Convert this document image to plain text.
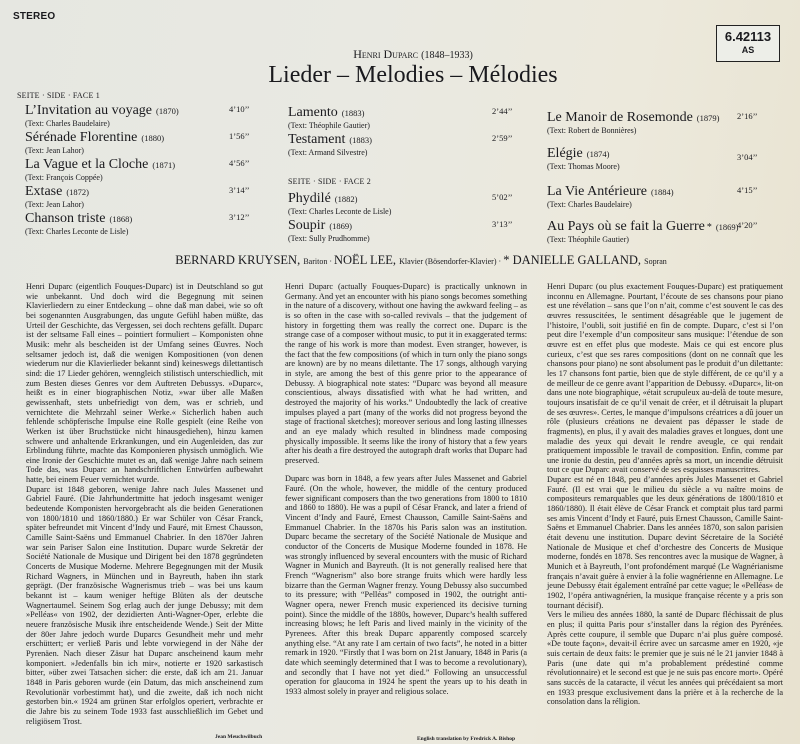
STEREO
6.42113
AS
Henri Duparc (1848–1933)
Lieder – Melodies – Mélodies
SEITE · SIDE · FACE 1
L’Invitation au voyage (1870)
(Text: Charles Baudelaire)
4’10’’
Sérénade Florentine (1880)
(Text: Jean Lahor)
1’56’’
La Vague et la Cloche (1871)
(Text: François Coppée)
4’56’’
Extase (1872)
(Text: Jean Lahor)
3’14’’
Chanson triste (1868)
(Text: Charles Leconte de Lisle)
3’12’’
Lamento (1883)
(Text: Théophile Gautier)
2’44’’
Testament (1883)
(Text: Armand Silvestre)
2’59’’
SEITE · SIDE · FACE 2
Phydilé (1882)
(Text: Charles Leconte de Lisle)
5’02’’
Soupir (1869)
(Text: Sully Prudhomme)
3’13’’
Le Manoir de Rosemonde (1879)
(Text: Robert de Bonnières)
2’16’’
Elégie (1874)
(Text: Thomas Moore)
3’04’’
La Vie Antérieure (1884)
(Text: Charles Baudelaire)
4’15’’
Au Pays où se fait la Guerre * (1869)
(Text: Théophile Gautier)
4’20’’
BERNARD KRUYSEN, Bariton · NOËL LEE, Klavier (Bösendorfer-Klavier) · * DANIELLE GALLAND, Sopran

Henri Duparc (eigentlich Fouques-Duparc) ist in Deutschland so gut wie unbekannt. Und doch wird die Begegnung mit seinen Klavierliedern zu einer Entdeckung – ohne daß man dabei, wie so oft bei sogenannten Ausgrabungen, das ungute Gefühl haben müßte, das Urteil der Geschichte, das Vergessen, sei doch rechtens gefällt. Duparc ist der seltsame Fall eines – pointiert formuliert – Komponisten ohne Musik: mehr als bescheiden ist der Umfang seines Œuvres. Noch seltsamer jedoch ist, daß die wenigen Kompositionen (von denen wiederum nur die Klavierlieder bekannt sind) keineswegs dilettantisch sind: die 17 Lieder gehören, wenngleich stilistisch unterschiedlich, mit zum Besten dieses Genres vor dem Auftreten Debussys. »Duparc«, heißt es in einer biographischen Notiz, »war über alle Maßen gewissenhaft, stets unbefriedigt von dem, was er schrieb, und vernichtete die Mehrzahl seiner Werke.« Sicherlich haben auch fehlende schöpferische Impulse eine Rolle gespielt (eine Reihe von Werken ist über Bruchstücke nicht hinausgediehen), hinzu kamen schwere und anhaltende Erkrankungen, und ein Augenleiden, das zur Erblindung führte, machte das Komponieren physisch unmöglich. Wie eine Ironie der Geschichte mutet es an, daß wenige Jahre nach seinem Tode das, was Duparc an handschriftlichen Entwürfen aufbewahrt hatte, bei einem Feuer vernichtet wurde.

Duparc ist 1848 geboren, wenige Jahre nach Jules Massenet und Gabriel Fauré. (Die Jahrhundertmitte hat jedoch insgesamt weniger bedeutende Komponisten hervorgebracht als die beiden Generationen von 1800/1810 und 1860/1880.) Er war Schüler von César Franck, später befreundet mit Vincent d’Indy und Fauré, mit Ernest Chausson, Camille Saint-Saëns und Emmanuel Chabrier. In den 1870er Jahren war sein Pariser Salon eine Institution. Duparc wurde Sekretär der Société Nationale de Musique und Dirigent bei den 1878 gegründeten Concerts de Musique Moderne. Mehrere Begegnungen mit der Musik Richard Wagners, in München und in Bayreuth, haben ihn stark geprägt. (Der französische Wagnerismus trieb – was bei uns kaum bekannt ist – kaum weniger heftige Blüten als der deutsche Wagnertaumel. Seinem Sog erlag auch der junge Debussy; mit dem »Pelléas« von 1902, der dezidierten Anti-Wagner-Oper, erlebte die neuere französische Musik ihre entscheidende Wende.) Seit der Mitte der 80er Jahre jedoch wurde Duparcs Gesundheit mehr und mehr erschüttert; er verließ Paris und lebte vorwiegend in der Nähe der Pyrenäen. Nach dieser Zäsur hat Duparc anscheinend kaum mehr komponiert. »Jedenfalls bin ich mir«, notierte er 1920 sarkastisch bitter, »über zwei Tatsachen sicher: die erste, daß ich am 21. Januar 1848 in Paris geboren wurde (ein Datum, das mich anscheinend zum Revolutionär vorbestimmt hat), und die zweite, daß ich noch nicht gestorben bin.« 1924 am grünen Star erfolglos operiert, verbrachte er die Jahre bis zu seinem Tode 1933 fast ausschließlich im Gebet und religiösem Trost.

Jean Meuchwilbuch

Henri Duparc (actually Fouques-Duparc) is practically unknown in Germany. And yet an encounter with his piano songs becomes something in the nature of a discovery, without one having the awkward feeling – as is so often in the case with so-called revivals – that the judgement of history in forgetting them was really the correct one. Duparc is the strange case of a composer without music, to put it in exaggerated terms: the range of his work is more than modest. Even stranger, however, is the fact that the few compositions (of which in turn only the piano songs are known) are by no means dilettante. The 17 songs, although varying in style, are among the best of this genre prior to the appearance of Debussy. A biographical note states: “Duparc was beyond all measure conscientious, always dissatisfied with what he had written, and destroyed the majority of his works.” Undoubtedly the lack of creative impulses played a part (many of the works did not progress beyond the stage of fractional sketches); moreover serious and long lasting illnesses and an eye malady which resulted in blindness made composing physically impossible. It seems like the irony of history that a few years after his death a fire destroyed the autograph draft works that Duparc had preserved.

Duparc was born in 1848, a few years after Jules Massenet and Gabriel Fauré. (On the whole, however, the middle of the century produced fewer significant composers than the two generations from 1800 to 1810 and 1860 to 1880). He was a pupil of César Franck, and later a friend of Vincent d’Indy and Fauré, Ernest Chausson, Camille Saint-Saëns and Emmanuel Chabrier. In the 1870s his Paris salon was an institution. Duparc became the secretary of the Société Nationale de Musique and conductor of the Concerts de Musique Moderne founded in 1878. He was strongly influenced by several encounters with the music of Richard Wagner in Munich and Bayreuth. (It is not generally realised here that French “Wagnerism” also bore strange fruits which were hardly less bizarre than the German Wagner frenzy. Young Debussy also succumbed to its pressure; with “Pelléas” composed in 1902, the outright anti-Wagner opera, newer French music experienced its decisive turning point). Since the middle of the 1880s, however, Duparc’s health suffered increasing blows; he left Paris and lived mainly in the vicinity of the Pyrenees. After this break Duparc apparently composed scarcely anything else. “At any rate I am certain of two facts”, he noted in a bitter remark in 1920. “Firstly that I was born on 21st January, 1848 in Paris (a date which seemingly determined that I was to become a revolutionary), and secondly that I have not yet died.” Following an unsuccessful operation for glaucoma in 1924 he spent the years up to his death in 1933 almost solely in prayer and religious solace.

English translation by Fredrick A. Bishop

Henri Duparc (ou plus exactement Fouques-Duparc) est pratiquement inconnu en Allemagne. Pourtant, l’écoute de ses chansons pour piano est une révélation – sans que l’on n’ait, comme c’est souvent le cas des œuvres ressuscitées, le sentiment désagréable que le jugement de l’histoire, l’oubli, soit justifié en fin de compte. Duparc, c’est si l’on peut dire l’exemple d’un compositeur sans musique: l’étendue de son œuvre est en effet plus que modeste. Mais ce qui est encore plus curieux, c’est que ses rares compositions (dont on ne connaît que les chansons pour piano) ne sont absolument pas le produit d’un dilettante: les 17 chansons font partie, bien que de style différent, de ce qu’il y a de meilleur de ce genre avant l’apparition de Debussy. «Duparc», lit-on dans une note biographique, «était scrupuleux au-delà de toute mesure, toujours insatisfait de ce qu’il venait de créer, et il détruisait la plupart de ses œuvres». Certes, le manque d’impulsons créatrices a dû jouer un rôle (plusieurs créations ne devaient pas dépasser le stade de fragments), en plus, il y avait des maladies graves et longues, dont une maladie des yeux qui devait le rendre aveugle, ce qui rendait pratiquement impossible le travail de composition. Enfin, comme par une ironie du destin, peu d’années après sa mort, un incendie détruisit tout ce que Duparc avait conservé de ses esquisses manuscritres.

Duparc est né en 1848, peu d’années après Jules Massenet et Gabriel Fauré. (Il est vrai que le milieu du siècle a vu naître moins de compositeurs remarquables que les deux générations de 1800/1810 et 1860/1880). Il était élève de César Franck et comptait plus tard parmi ses amis Vincent d’Indy et Fauré, puis Ernest Chausson, Camille Saint-Saëns et Emmanuel Chabrier. Dans les années 1870, son salon parisien était devenu une institution. Duparc devint Sécretaire de la Société Nationale de Musique et chef d’orchestre des Concerts de Musique moderne, fondés en 1878. Ses rencontres avec la musique de Wagner, à Munich et à Bayreuth, l’ont profondément marqué (Le Wagnérianisme français n’avait guère à envier à la folie wagnérienne en Allemagne. Le jeune Debussy était également entraîné par cette vague; le «Pelléas» de 1902, l’opéra antiwagnérien, la musique française récente y a pris son tournant décisif).

Vers le milieu des années 1880, la santé de Duparc fléchissait de plus en plus; il quitta Paris pour s’installer dans la région des Pyrénées. Après cette coupure, il semble que Duparc n’ai plus guère composé. «De toute façon», devait-il écrire avec un sarcasme amer en 1920, «je suis certain de deux faits: le premier que je suis né le 21 janvier 1848 à Paris (une date qui m’a probablement prédestiné comme révolutionnaire) et le second est que je ne suis pas encore mort». Opéré sans succès de la cataracte, il vécut les années qui précédaient sa mort en 1933 presque exclusivement dans la prière et à la recherche de la consolation dans la réligion.
